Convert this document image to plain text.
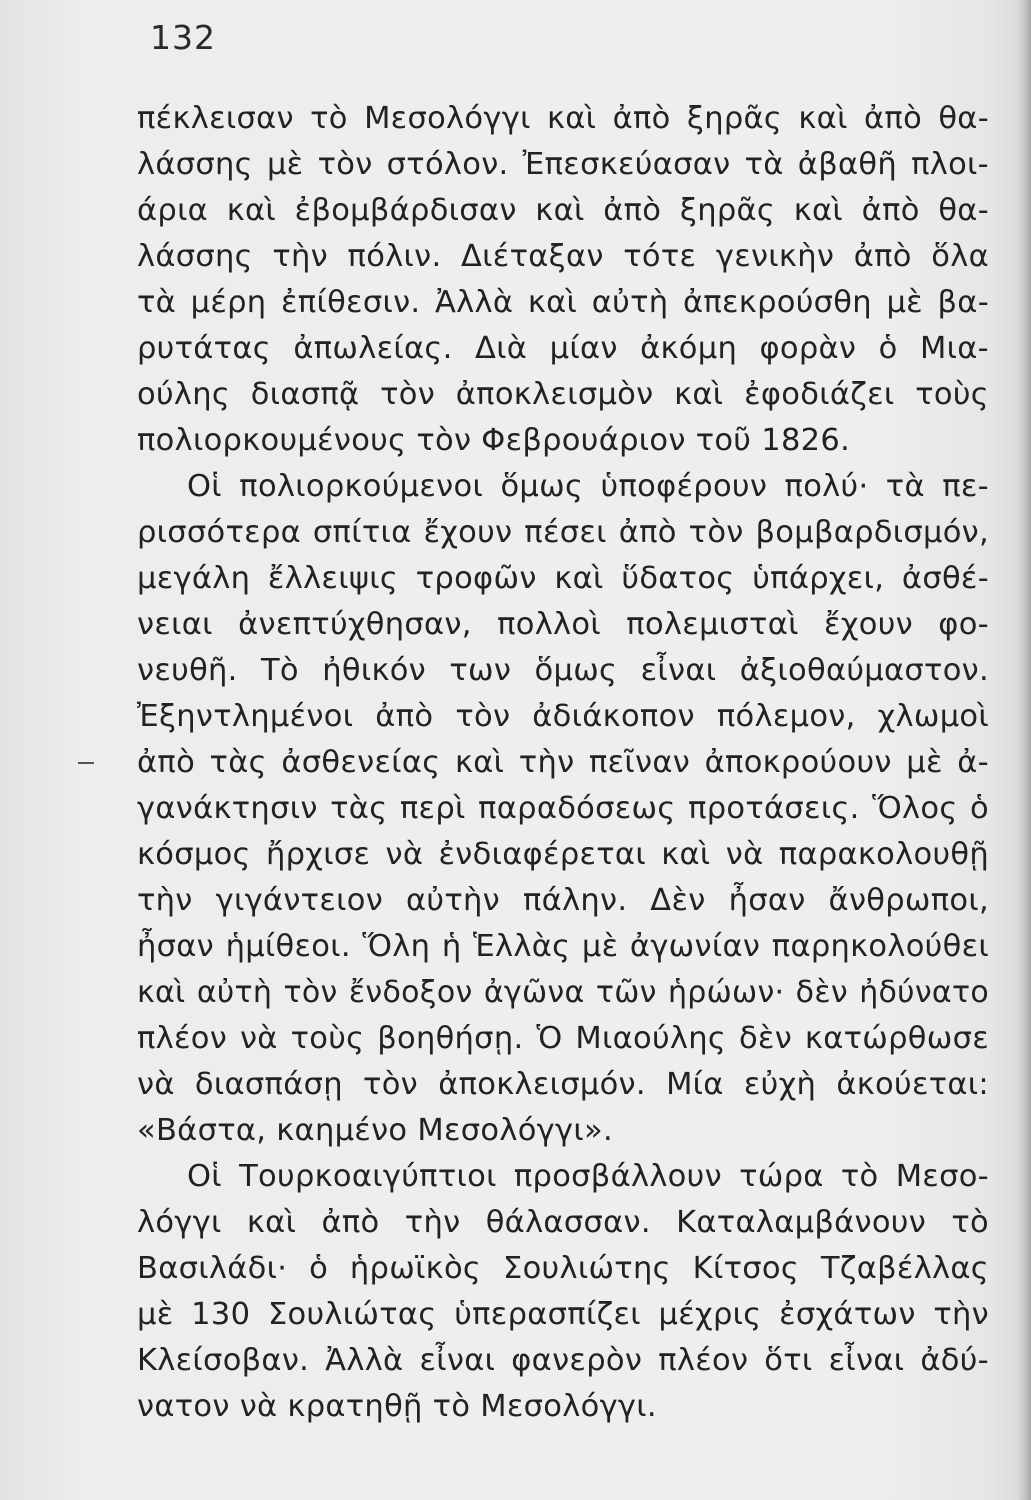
132
πέκλεισαν τὸ Μεσολόγγι καὶ ἀπὸ ξηρᾶς καὶ ἀπὸ θα-
λάσσης μὲ τὸν στόλον. Ἐπεσκεύασαν τὰ ἀβαθῆ πλοι-
άρια καὶ ἐβομβάρδισαν καὶ ἀπὸ ξηρᾶς καὶ ἀπὸ θα-
λάσσης τὴν πόλιν. Διέταξαν τότε γενικὴν ἀπὸ ὅλα
τὰ μέρη ἐπίθεσιν. Ἀλλὰ καὶ αὐτὴ ἀπεκρούσθη μὲ βα-
ρυτάτας ἀπωλείας. Διὰ μίαν ἀκόμη φορὰν ὁ Μια-
ούλης διασπᾷ τὸν ἀποκλεισμὸν καὶ ἐφοδιάζει τοὺς
πολιορκουμένους τὸν Φεβρουάριον τοῦ 1826.
Οἱ πολιορκούμενοι ὅμως ὑποφέρουν πολύ· τὰ πε-
ρισσότερα σπίτια ἔχουν πέσει ἀπὸ τὸν βομβαρδισμόν,
μεγάλη ἔλλειψις τροφῶν καὶ ὕδατος ὑπάρχει, ἀσθέ-
νειαι ἀνεπτύχθησαν, πολλοὶ πολεμισταὶ ἔχουν φο-
νευθῆ. Τὸ ἠθικόν των ὅμως εἶναι ἀξιοθαύμαστον.
Ἐξηντλημένοι ἀπὸ τὸν ἀδιάκοπον πόλεμον, χλωμοὶ
ἀπὸ τὰς ἀσθενείας καὶ τὴν πεῖναν ἀποκρούουν μὲ ἀ-
γανάκτησιν τὰς περὶ παραδόσεως προτάσεις. Ὅλος ὁ
κόσμος ἤρχισε νὰ ἐνδιαφέρεται καὶ νὰ παρακολουθῇ
τὴν γιγάντειον αὐτὴν πάλην. Δὲν ἦσαν ἄνθρωποι,
ἦσαν ἡμίθεοι. Ὅλη ἡ Ἑλλὰς μὲ ἀγωνίαν παρηκολούθει
καὶ αὐτὴ τὸν ἔνδοξον ἀγῶνα τῶν ἡρώων· δὲν ἠδύνατο
πλέον νὰ τοὺς βοηθήσῃ. Ὁ Μιαούλης δὲν κατώρθωσε
νὰ διασπάσῃ τὸν ἀποκλεισμόν. Μία εὐχὴ ἀκούεται:
«Βάστα, καημένο Μεσολόγγι».
Οἱ Τουρκοαιγύπτιοι προσβάλλουν τώρα τὸ Μεσο-
λόγγι καὶ ἀπὸ τὴν θάλασσαν. Καταλαμβάνουν τὸ
Βασιλάδι· ὁ ἡρωϊκὸς Σουλιώτης Κίτσος Τζαβέλλας
μὲ 130 Σουλιώτας ὑπερασπίζει μέχρις ἐσχάτων τὴν
Κλείσοβαν. Ἀλλὰ εἶναι φανερὸν πλέον ὅτι εἶναι ἀδύ-
νατον νὰ κρατηθῇ τὸ Μεσολόγγι.
